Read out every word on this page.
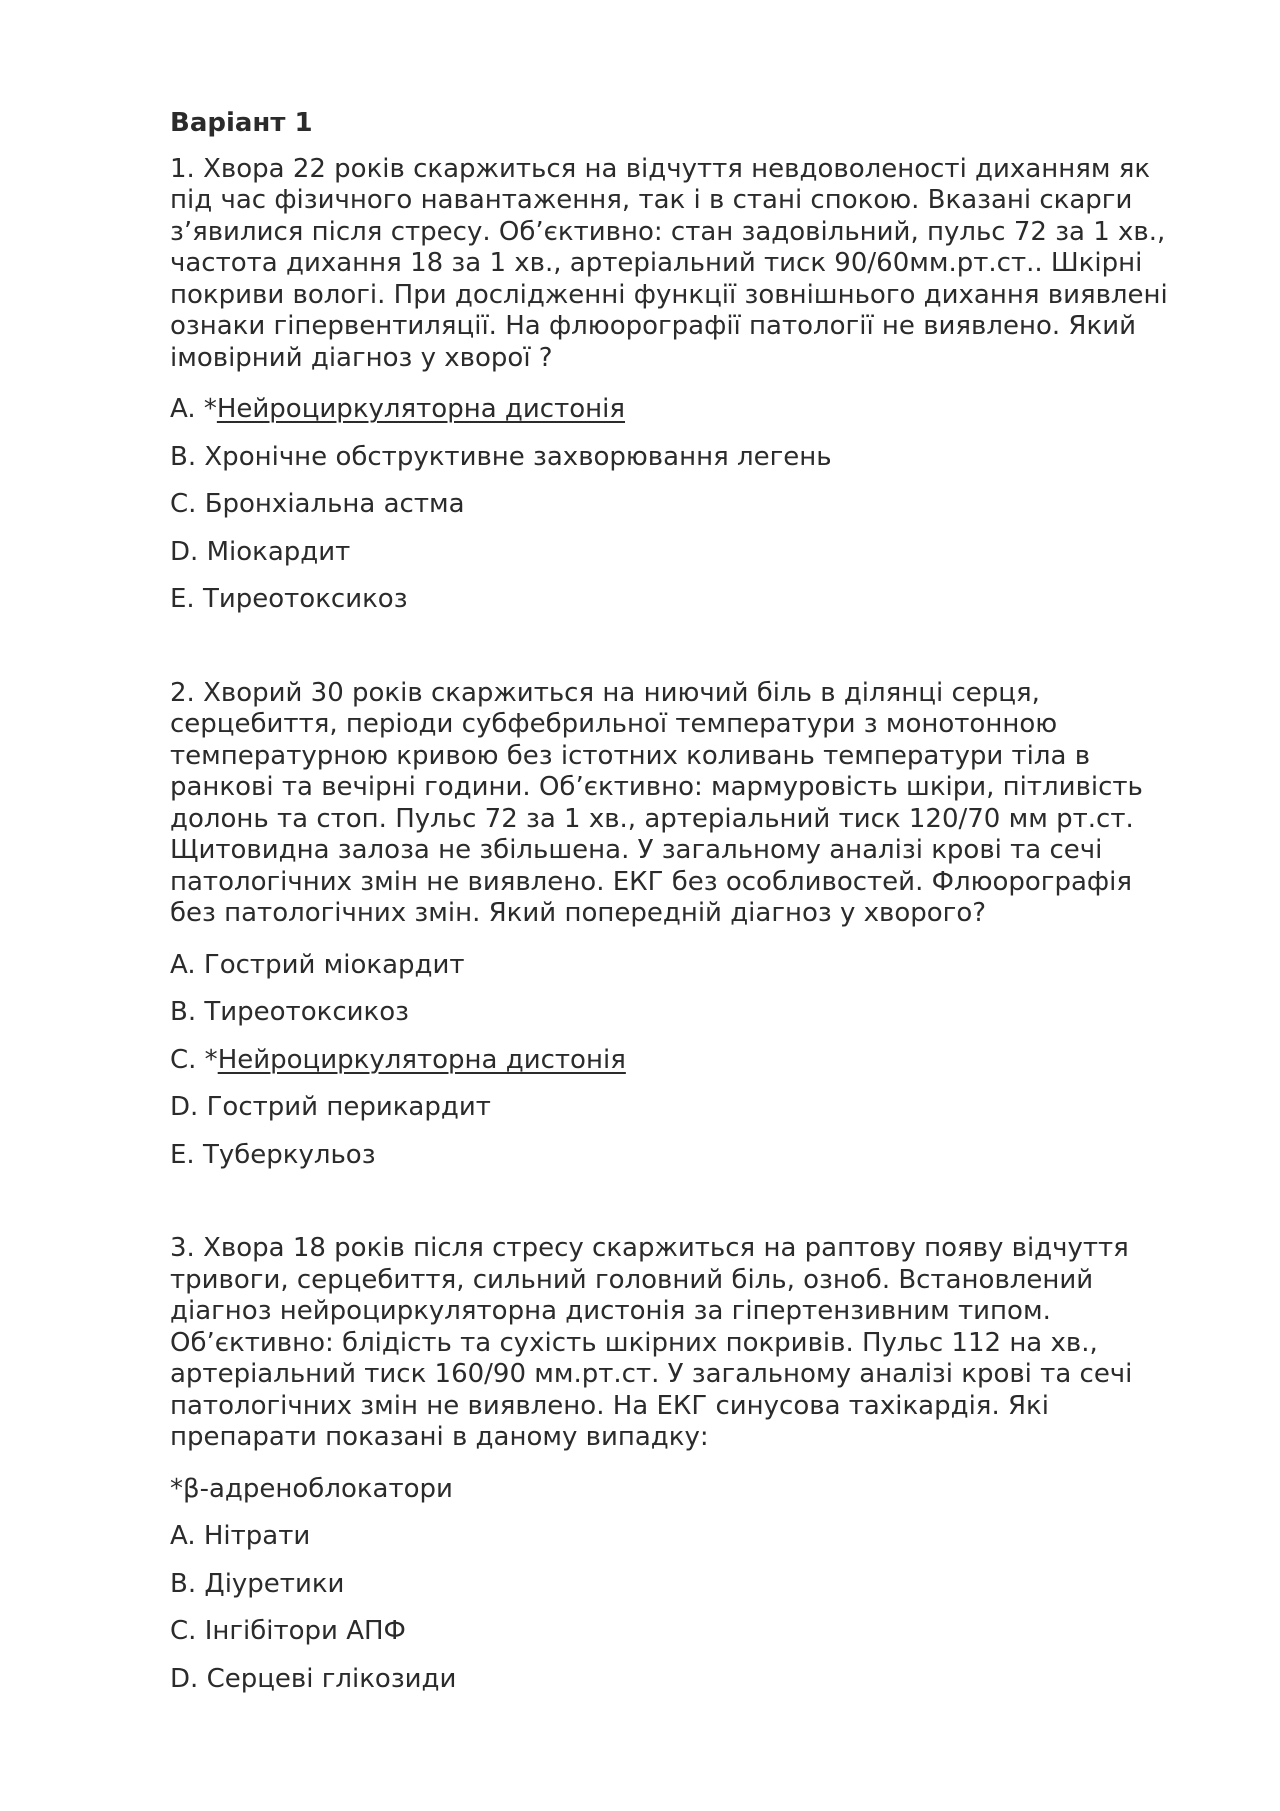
Варіант 1
1. Хвора 22 років скаржиться на відчуття невдоволеності диханням як під час фізичного навантаження, так і в стані спокою. Вказані скарги з’явилися після стресу. Об’єктивно: стан задовільний, пульс 72 за 1 хв., частота дихання 18 за 1 хв., артеріальний тиск 90/60мм.рт.ст.. Шкірні покриви вологі. При дослідженні функції зовнішнього дихання виявлені ознаки гіпервентиляції. На флюорографії патології не виявлено. Який імовірний діагноз у хворої ?
A. *Нейроциркуляторна дистонія
B. Хронічне обструктивне захворювання легень
C. Бронхіальна астма
D. Міокардит
E. Тиреотоксикоз
2. Хворий 30 років скаржиться на ниючий біль в ділянці серця, серцебиття, періоди субфебрильної температури з монотонною температурною кривою без істотних коливань температури тіла в ранкові та вечірні години. Об’єктивно: мармуровість шкіри, пітливість долонь та стоп. Пульс 72 за 1 хв., артеріальний тиск 120/70 мм рт.ст. Щитовидна залоза не збільшена. У загальному аналізі крові та сечі патологічних змін не виявлено. ЕКГ без особливостей. Флюорографія без патологічних змін. Який попередній діагноз у хворого?
A. Гострий міокардит
B. Тиреотоксикоз
C. *Нейроциркуляторна дистонія
D. Гострий перикардит
E. Туберкульоз
3. Хвора 18 років після стресу скаржиться на раптову появу відчуття тривоги, серцебиття, сильний головний біль, озноб. Встановлений діагноз нейроциркуляторна дистонія за гіпертензивним типом. Об’єктивно: блідість та сухість шкірних покривів. Пульс 112 на хв., артеріальний тиск 160/90 мм.рт.ст. У загальному аналізі крові та сечі патологічних змін не виявлено. На ЕКГ синусова тахікардія. Які препарати показані в даному випадку:
*β-адреноблокатори
A. Нітрати
B. Діуретики
C. Інгібітори АПФ
D. Серцеві глікозиди
